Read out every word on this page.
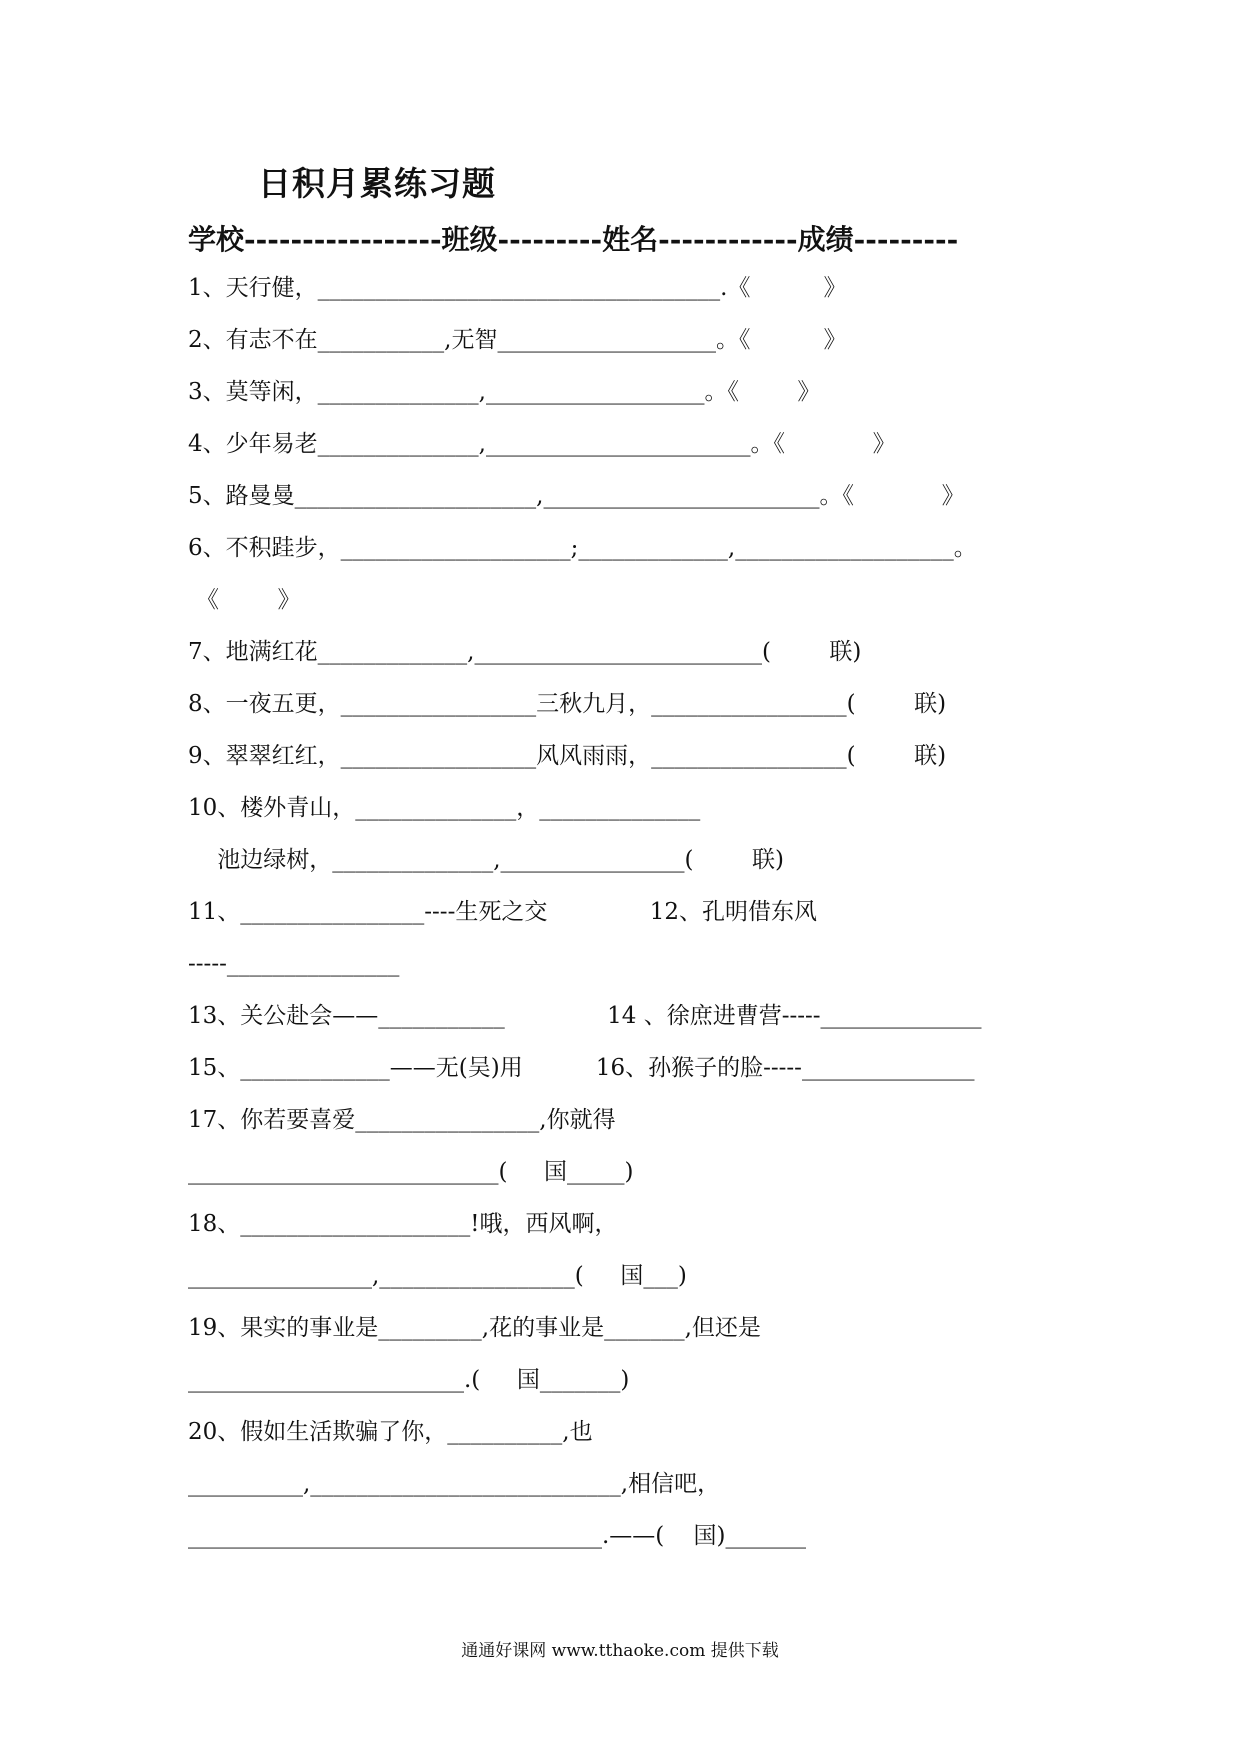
日积月累练习题
学校-----------------班级---------姓名------------成绩---------
1、天行健，___________________________________.《          》
2、有志不在___________,无智___________________。《          》
3、莫等闲，______________,___________________。《        》
4、少年易老______________,_______________________。《            》
5、路曼曼_____________________,________________________。《            》
6、不积跬步，____________________;_____________,___________________。
《        》
7、地满红花_____________,_________________________(        联)
8、一夜五更，_________________三秋九月，_________________(        联)
9、翠翠红红，_________________风风雨雨，_________________(        联)
10、楼外青山，______________，______________
池边绿树，______________,________________(        联)
11、________________----生死之交              12、孔明借东风
-----_______________
13、关公赴会——___________              14 、徐庶进曹营-----______________
15、_____________——无(吴)用          16、孙猴子的脸-----_______________
17、你若要喜爱________________,你就得
___________________________(     国_____)
18、____________________!哦，西风啊，
________________,_________________(     国___)
19、果实的事业是_________,花的事业是_______,但还是
________________________.(     国_______)
20、假如生活欺骗了你，__________,也
__________,___________________________,相信吧，
____________________________________.——(    国)_______
通通好课网 www.tthaoke.com 提供下载
